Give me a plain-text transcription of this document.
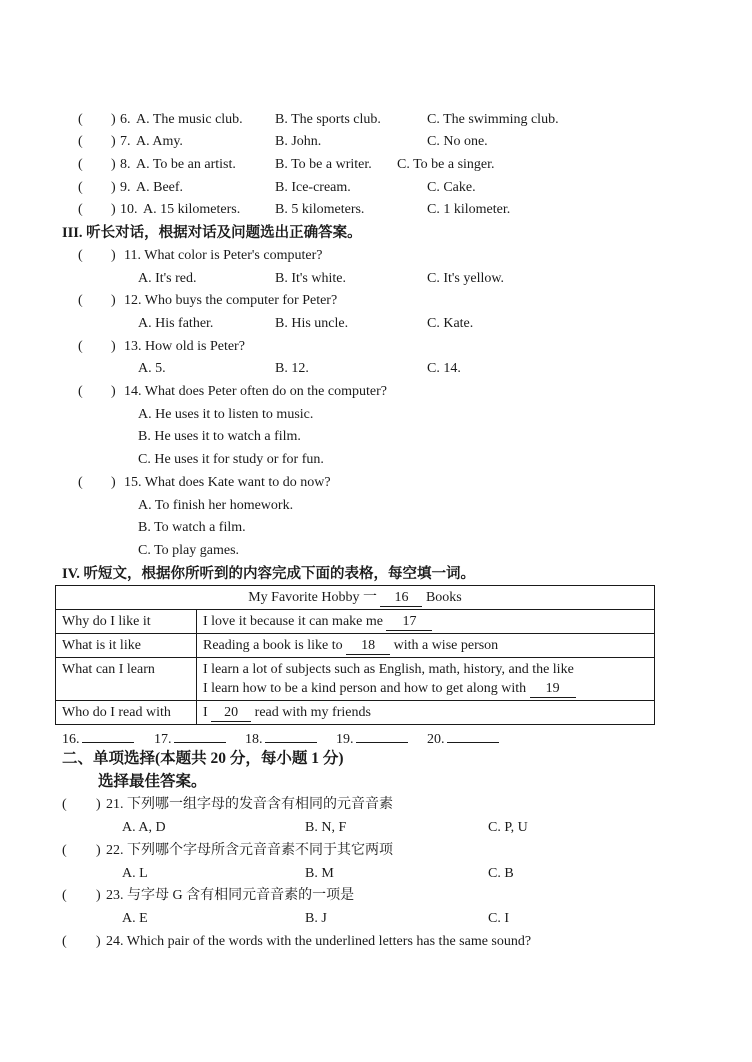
( ) 6. A. The music club. B. The sports club.	C. The swimming club.
( ) 7. A. Amy.	B. John.	C. No one.
( ) 8. A. To be an artist.	B. To be a writer. C. To be a singer.
( ) 9. A. Beef.	B. Ice-cream.	C. Cake.
( ) 10. A. 15 kilometers. B. 5 kilometers.	C. 1 kilometer.
III. 听长对话，根据对话及问题选出正确答案。
( ) 11. What color is Peter's computer?
A. It's red.	B. It's white.	C. It's yellow.
( ) 12. Who buys the computer for Peter?
A. His father.	B. His uncle.	C. Kate.
( ) 13. How old is Peter?
A. 5.	B. 12.	C. 14.
( ) 14. What does Peter often do on the computer?
A. He uses it to listen to music.
B. He uses it to watch a film.
C. He uses it for study or for fun.
( ) 15. What does Kate want to do now?
A. To finish her homework.
B. To watch a film.
C. To play games.
IV. 听短文，根据你所听到的内容完成下面的表格，每空填一词。
My Favorite Hobby 一 16 Books	
Why do I like it	I love it because it can make me 17
What is it like	Reading a book is like to 18 with a wise person
What can I learn	I learn a lot of subjects such as English, math, history, and the like
I learn how to be a kind person and how to get along with 19

Who do I read with	I 20 read with my friends
16.	17.	18.	19.	20.
二、单项选择(本题共 20 分，每小题 1 分)
选择最佳答案。
( ) 21. 下列哪一组字母的发音含有相同的元音音素
A. A, D	B. N, F	C. P, U
( ) 22. 下列哪个字母所含元音音素不同于其它两项
A. L	B. M	C. B
( ) 23. 与字母 G 含有相同元音音素的一项是
A. E	B. J	C. I
( ) 24. Which pair of the words with the underlined letters has the same sound?
